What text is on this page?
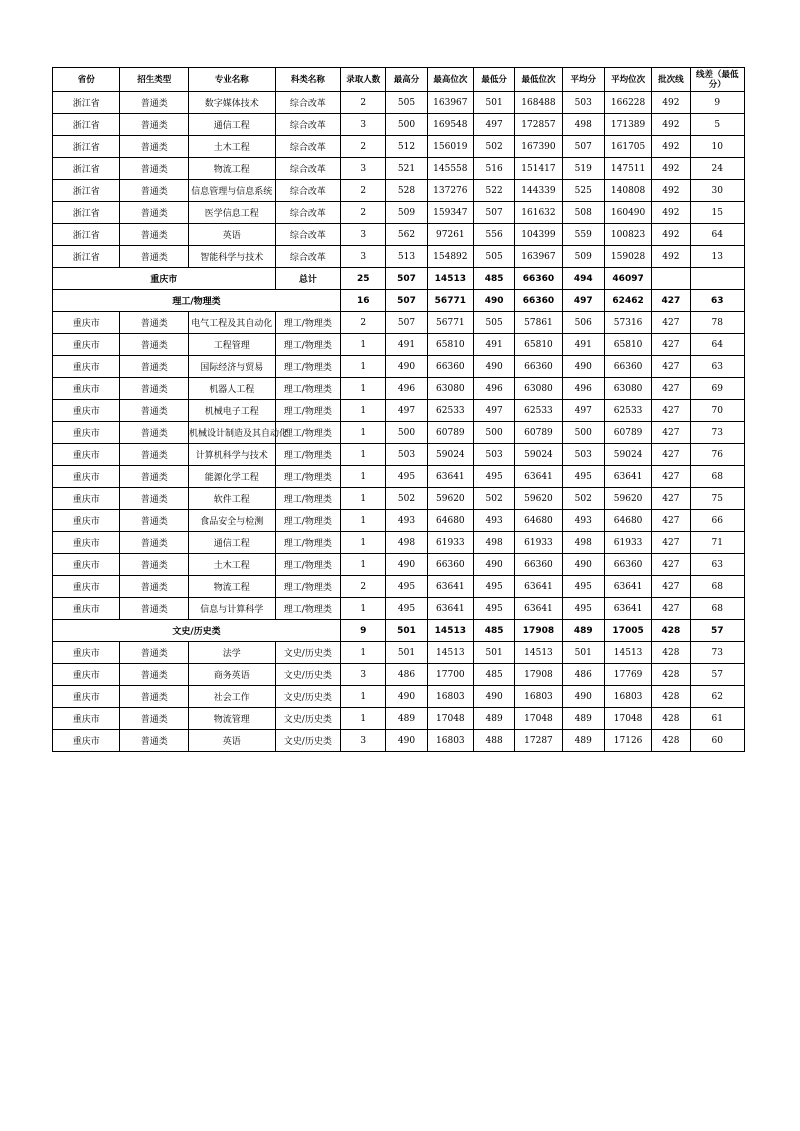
省份	招生类型	专业名称	科类名称	录取人数	最高分	最高位次	最低分	最低位次	平均分	平均位次	批次线	线差（最低分）
浙江省	普通类	数字媒体技术	综合改革	2	505	163967	501	168488	503	166228	492	9
浙江省	普通类	通信工程	综合改革	3	500	169548	497	172857	498	171389	492	5
浙江省	普通类	土木工程	综合改革	2	512	156019	502	167390	507	161705	492	10
浙江省	普通类	物流工程	综合改革	3	521	145558	516	151417	519	147511	492	24
浙江省	普通类	信息管理与信息系统	综合改革	2	528	137276	522	144339	525	140808	492	30
浙江省	普通类	医学信息工程	综合改革	2	509	159347	507	161632	508	160490	492	15
浙江省	普通类	英语	综合改革	3	562	97261	556	104399	559	100823	492	64
浙江省	普通类	智能科学与技术	综合改革	3	513	154892	505	163967	509	159028	492	13
重庆市			总计	25	507	14513	485	66360	494	46097		
理工/物理类				16	507	56771	490	66360	497	62462	427	63
重庆市	普通类	电气工程及其自动化	理工/物理类	2	507	56771	505	57861	506	57316	427	78
重庆市	普通类	工程管理	理工/物理类	1	491	65810	491	65810	491	65810	427	64
重庆市	普通类	国际经济与贸易	理工/物理类	1	490	66360	490	66360	490	66360	427	63
重庆市	普通类	机器人工程	理工/物理类	1	496	63080	496	63080	496	63080	427	69
重庆市	普通类	机械电子工程	理工/物理类	1	497	62533	497	62533	497	62533	427	70
重庆市	普通类	机械设计制造及其自动化	理工/物理类	1	500	60789	500	60789	500	60789	427	73
重庆市	普通类	计算机科学与技术	理工/物理类	1	503	59024	503	59024	503	59024	427	76
重庆市	普通类	能源化学工程	理工/物理类	1	495	63641	495	63641	495	63641	427	68
重庆市	普通类	软件工程	理工/物理类	1	502	59620	502	59620	502	59620	427	75
重庆市	普通类	食品安全与检测	理工/物理类	1	493	64680	493	64680	493	64680	427	66
重庆市	普通类	通信工程	理工/物理类	1	498	61933	498	61933	498	61933	427	71
重庆市	普通类	土木工程	理工/物理类	1	490	66360	490	66360	490	66360	427	63
重庆市	普通类	物流工程	理工/物理类	2	495	63641	495	63641	495	63641	427	68
重庆市	普通类	信息与计算科学	理工/物理类	1	495	63641	495	63641	495	63641	427	68
文史/历史类				9	501	14513	485	17908	489	17005	428	57
重庆市	普通类	法学	文史/历史类	1	501	14513	501	14513	501	14513	428	73
重庆市	普通类	商务英语	文史/历史类	3	486	17700	485	17908	486	17769	428	57
重庆市	普通类	社会工作	文史/历史类	1	490	16803	490	16803	490	16803	428	62
重庆市	普通类	物流管理	文史/历史类	1	489	17048	489	17048	489	17048	428	61
重庆市	普通类	英语	文史/历史类	3	490	16803	488	17287	489	17126	428	60
